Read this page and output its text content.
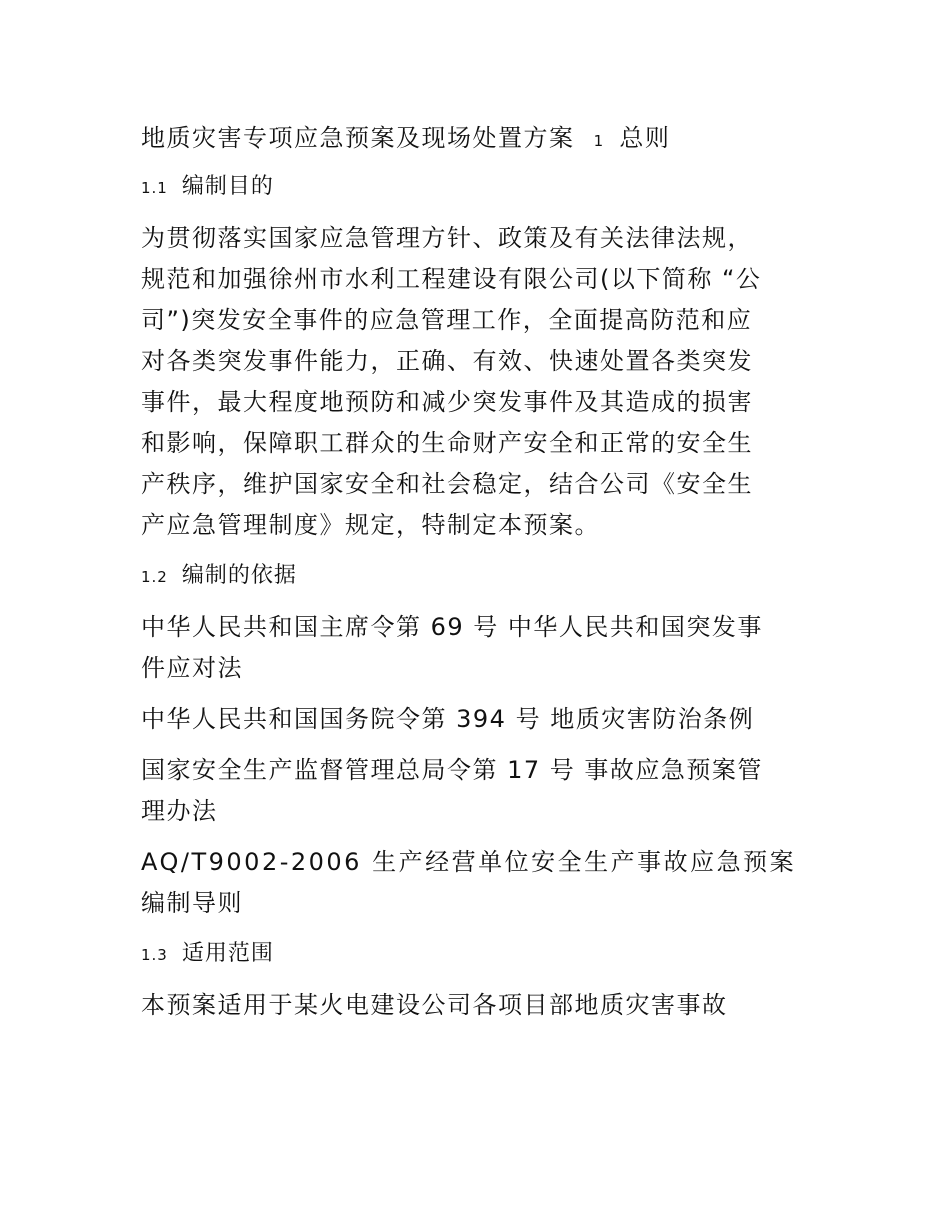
地质灾害专项应急预案及现场处置方案 1 总则
1.1 编制目的
为贯彻落实国家应急管理方针、政策及有关法律法规，
规范和加强徐州市水利工程建设有限公司(以下简称 “公
司”)突发安全事件的应急管理工作，全面提高防范和应
对各类突发事件能力，正确、有效、快速处置各类突发
事件，最大程度地预防和减少突发事件及其造成的损害
和影响，保障职工群众的生命财产安全和正常的安全生
产秩序，维护国家安全和社会稳定，结合公司《安全生
产应急管理制度》规定，特制定本预案。
1.2 编制的依据
中华人民共和国主席令第 69 号 中华人民共和国突发事
件应对法
中华人民共和国国务院令第 394 号 地质灾害防治条例
国家安全生产监督管理总局令第 17 号 事故应急预案管
理办法
AQ/T9002-2006 生产经营单位安全生产事故应急预案
编制导则
1.3 适用范围
本预案适用于某火电建设公司各项目部地质灾害事故
